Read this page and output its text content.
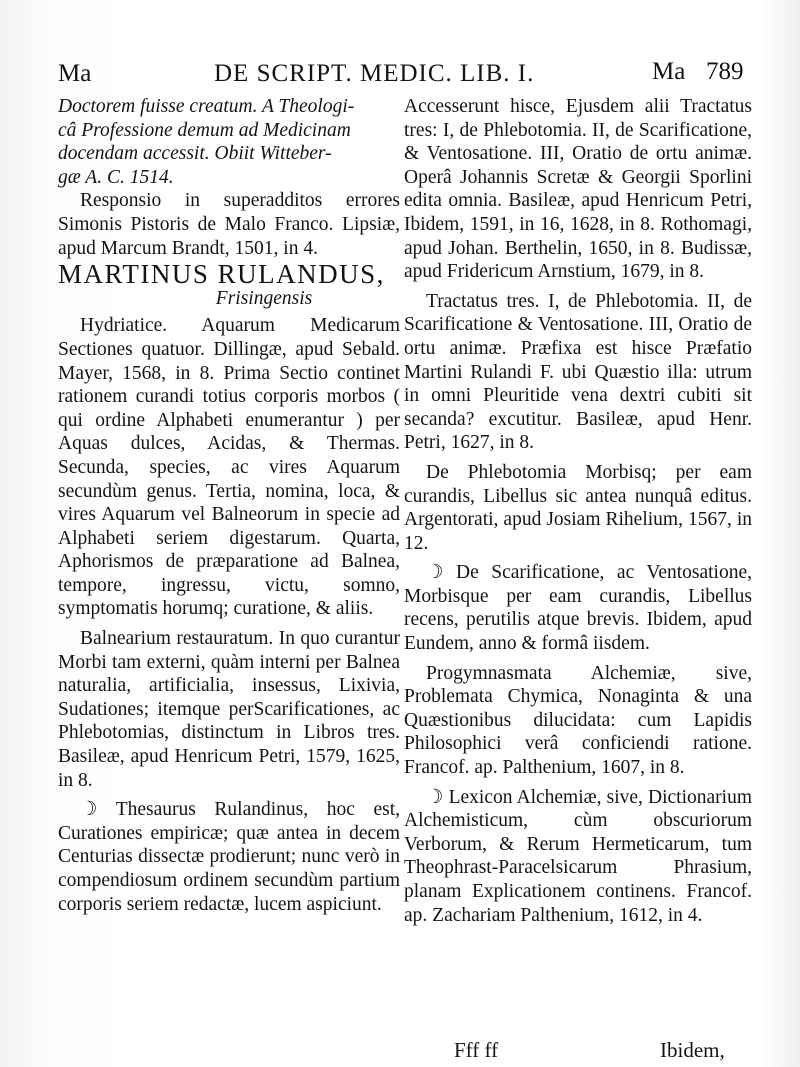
Ma	DE SCRIPT. MEDIC. LIB. I.	Ma 789

Doctorem fuisse creatum. A Theologi-

câ Professione demum ad Medicinam

docendam accessit. Obiit Witteber-

gæ A. C. 1514.

Responsio in superadditos errores Simonis Pistoris de Malo Franco. Lipsiæ, apud Marcum Brandt, 1501, in 4.

MARTINUS RULANDUS,

Frisingensis

Hydriatice. Aquarum Medicarum Sectiones quatuor. Dillingæ, apud Sebald. Mayer, 1568, in 8. Prima Sectio continet rationem curandi totius corporis morbos ( qui ordine Alphabeti enumerantur ) per Aquas dulces, Acidas, & Thermas. Secunda, species, ac vires Aquarum secundùm genus. Tertia, nomina, loca, & vires Aquarum vel Balneorum in specie ad Alphabeti seriem digestarum. Quarta, Aphorismos de præparatione ad Balnea, tempore, ingressu, victu, somno, symptomatis horumq; curatione, & aliis.

Balnearium restauratum. In quo curantur Morbi tam externi, quàm interni per Balnea naturalia, artificialia, insessus, Lixivia, Sudationes; itemque perScarificationes, ac Phlebotomias, distinctum in Libros tres. Basileæ, apud Henricum Petri, 1579, 1625, in 8.

☽ Thesaurus Rulandinus, hoc est, Curationes empiricæ; quæ antea in decem Centurias dissectæ prodierunt; nunc verò in compendiosum ordinem secundùm partium corporis seriem redactæ, lucem aspiciunt.

Accesserunt hisce, Ejusdem alii Tractatus tres: I, de Phlebotomia. II, de Scarificatione, & Ventosatione. III, Oratio de ortu animæ. Operâ Johannis Scretæ & Georgii Sporlini edita omnia. Basileæ, apud Henricum Petri, Ibidem, 1591, in 16, 1628, in 8. Rothomagi, apud Johan. Berthelin, 1650, in 8. Budissæ, apud Fridericum Arnstium, 1679, in 8.

Tractatus tres. I, de Phlebotomia. II, de Scarificatione & Ventosatione. III, Oratio de ortu animæ. Præfixa est hisce Præfatio Martini Rulandi F. ubi Quæstio illa: utrum in omni Pleuritide vena dextri cubiti sit secanda? excutitur. Basileæ, apud Henr. Petri, 1627, in 8.

De Phlebotomia Morbisq; per eam curandis, Libellus sic antea nunquâ editus. Argentorati, apud Josiam Rihelium, 1567, in 12.

☽ De Scarificatione, ac Ventosatione, Morbisque per eam curandis, Libellus recens, perutilis atque brevis. Ibidem, apud Eundem, anno & formâ iisdem.

Progymnasmata Alchemiæ, sive, Problemata Chymica, Nonaginta & una Quæstionibus dilucidata: cum Lapidis Philosophici verâ conficiendi ratione. Francof. ap. Palthenium, 1607, in 8.

☽ Lexicon Alchemiæ, sive, Dictionarium Alchemisticum, cùm obscuriorum Verborum, & Rerum Hermeticarum, tum Theophrast-Paracelsicarum Phrasium, planam Explicationem continens. Francof. ap. Zachariam Palthenium, 1612, in 4.

Fff ff	Ibidem,
